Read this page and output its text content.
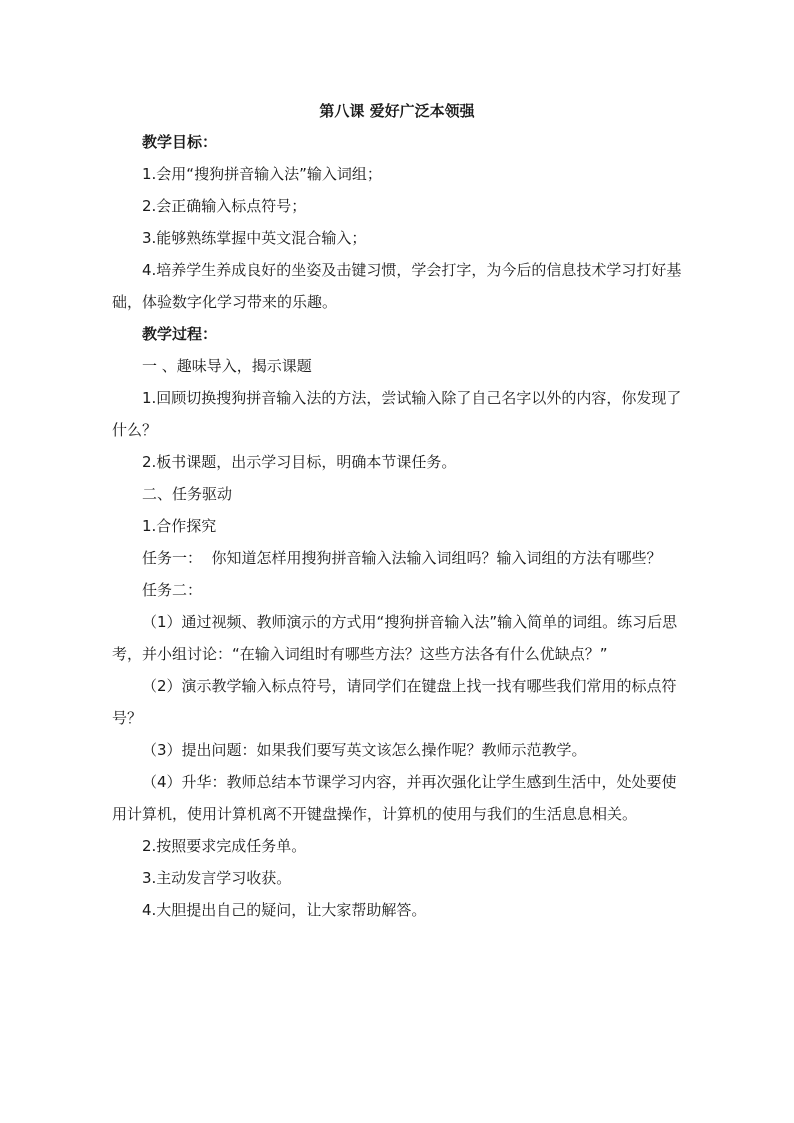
第八课 爱好广泛本领强

教学目标：

1.会用“搜狗拼音输入法”输入词组；

2.会正确输入标点符号；

3.能够熟练掌握中英文混合输入；

4.培养学生养成良好的坐姿及击键习惯，学会打字，为今后的信息技术学习打好基础，体验数字化学习带来的乐趣。

教学过程：

一 、趣味导入，揭示课题

1.回顾切换搜狗拼音输入法的方法，尝试输入除了自己名字以外的内容，你发现了什么？

2.板书课题，出示学习目标，明确本节课任务。

二、任务驱动

1.合作探究

任务一：  你知道怎样用搜狗拼音输入法输入词组吗？输入词组的方法有哪些？

任务二：

（1）通过视频、教师演示的方式用“搜狗拼音输入法”输入简单的词组。练习后思考，并小组讨论：“在输入词组时有哪些方法？这些方法各有什么优缺点？”

（2）演示教学输入标点符号，请同学们在键盘上找一找有哪些我们常用的标点符号？

（3）提出问题：如果我们要写英文该怎么操作呢？教师示范教学。

（4）升华：教师总结本节课学习内容，并再次强化让学生感到生活中，处处要使用计算机，使用计算机离不开键盘操作，计算机的使用与我们的生活息息相关。

2.按照要求完成任务单。

3.主动发言学习收获。

4.大胆提出自己的疑问，让大家帮助解答。
